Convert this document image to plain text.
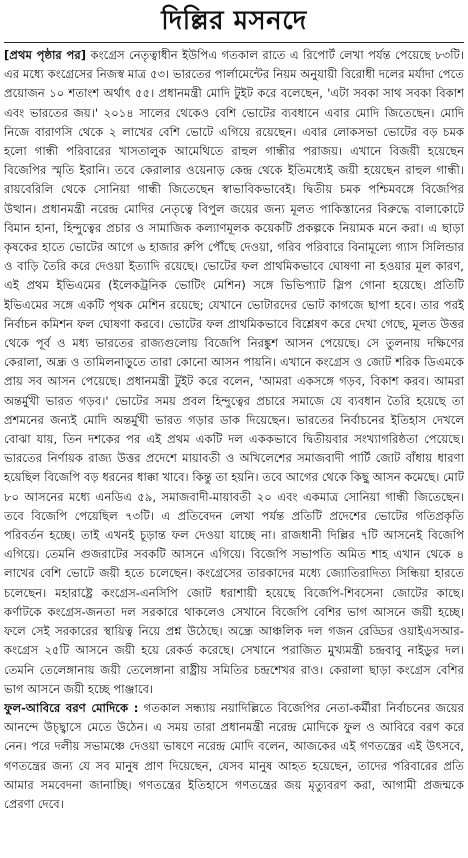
দিল্লির মসনদে

[প্রথম পৃষ্ঠার পর] কংগ্রেস নেতৃত্বাধীন ইউপিএ গতকাল রাতে এ রিপোর্ট লেখা পর্যন্ত পেয়েছে ৮৩টি। এর মধ্যে কংগ্রেসের নিজস্ব মাত্র ৫৩। ভারতের পার্লামেন্টের নিয়ম অনুযায়ী বিরোধী দলের মর্যাদা পেতে প্রয়োজন ১০ শতাংশ অর্থাৎ ৫৫। প্রধানমন্ত্রী মোদি টুইট করে বলেছেন, 'এটা সবকা সাথ সবকা বিকাশ এবং ভারতের জয়।' ২০১৪ সালের থেকেও বেশি ভোটের ব্যবধানে এবার মোদি জিতেছেন। মোদি নিজে বারাণসি থেকে ২ লাখের বেশি ভোটে এগিয়ে রয়েছেন। এবার লোকসভা ভোটের বড় চমক হলো গান্ধী পরিবারের খাসতালুক আমেথিতে রাহুল গান্ধীর পরাজয়। এখানে বিজয়ী হয়েছেন বিজেপির স্মৃতি ইরানি। তবে কেরালার ওয়েনাড় কেন্দ্র থেকে ইতিমধ্যেই জয়ী হয়েছেন রাহুল গান্ধী। রায়বেরিলি থেকে সোনিয়া গান্ধী জিতেছেন স্বাভাবিকভাবেই। দ্বিতীয় চমক পশ্চিমবঙ্গে বিজেপির উত্থান। প্রধানমন্ত্রী নরেন্দ্র মোদির নেতৃত্বে বিপুল জয়ের জন্য মূলত পাকিস্তানের বিরুদ্ধে বালাকোটে বিমান হানা, হিন্দুত্বের প্রচার ও সামাজিক কল্যাণমূলক কয়েকটি প্রকল্পকে নিয়ামক মনে করা। এ ছাড়া কৃষকের হাতে ভোটের আগে ৬ হাজার রুপি পৌঁছে দেওয়া, গরিব পরিবারে বিনামূল্যে গ্যাস সিলিন্ডার ও বাড়ি তৈরি করে দেওয়া ইত্যাদি রয়েছে। ভোটের ফল প্রাথমিকভাবে ঘোষণা না হওয়ার মূল কারণ, এই প্রথম ইভিএমের (ইলেকট্রনিক ভোটিং মেশিন) সঙ্গে ভিভিপ্যাট স্লিপ গোনা হয়েছে। প্রতিটি ইভিএমের সঙ্গে একটি পৃথক মেশিন রয়েছে; যেখানে ভোটারদের ভোট কাগজে ছাপা হবে। তার পরই নির্বাচন কমিশন ফল ঘোষণা করবে। ভোটের ফল প্রাথমিকভাবে বিশ্লেষণ করে দেখা গেছে, মূলত উত্তর থেকে পূর্ব ও মধ্য ভারতের রাজ্যগুলোয় বিজেপি নিরঙ্কুশ আসন পেয়েছে। সে তুলনায় দক্ষিণের কেরালা, অন্ধ্র ও তামিলনাড়ুতে তারা কোনো আসন পায়নি। এখানে কংগ্রেস ও জোট শরিক ডিএমকে প্রায় সব আসন পেয়েছে। প্রধানমন্ত্রী টুইট করে বলেন, 'আমরা একসঙ্গে গড়ব, বিকাশ করব। আমরা অন্তর্মুখী ভারত গড়ব।' ভোটের সময় প্রবল হিন্দুত্বের প্রচারে সমাজে যে ব্যবধান তৈরি হয়েছে তা প্রশমনের জন্যই মোদি অন্তর্মুখী ভারত গড়ার ডাক দিয়েছেন। ভারতের নির্বাচনের ইতিহাস দেখলে বোঝা যায়, তিন দশকের পর এই প্রথম একটি দল এককভাবে দ্বিতীয়বার সংখ্যাগরিষ্ঠতা পেয়েছে। ভারতের নির্ণায়ক রাজ্য উত্তর প্রদেশে মায়াবতী ও অখিলেশের সমাজবাদী পার্টি জোট বাঁধায় ধারণা হয়েছিল বিজেপি বড় ধরনের ধাক্কা খাবে। কিন্তু তা হয়নি। তবে আগের থেকে কিছু আসন কমেছে। মোট ৮০ আসনের মধ্যে এনডিএ ৫৯, সমাজবাদী-মায়াবতী ২০ এবং একমাত্র সোনিয়া গান্ধী জিতেছেন। তবে বিজেপি পেয়েছিল ৭৩টি। এ প্রতিবেদন লেখা পর্যন্ত প্রতিটি প্রদেশের ভোটের গতিপ্রকৃতি পরিবর্তন হচ্ছে। তাই এখনই চূড়ান্ত ফল দেওয়া যাচ্ছে না। রাজধানী দিল্লির ৭টি আসনেই বিজেপি এগিয়ে। তেমনি গুজরাটের সবকটি আসনে এগিয়ে। বিজেপি সভাপতি অমিত শাহ এখান থেকে ৪ লাখের বেশি ভোটে জয়ী হতে চলেছেন। কংগ্রেসের তারকাদের মধ্যে জ্যোতিরাদিত্য সিন্ধিয়া হারতে চলেছেন। মহারাষ্ট্রে কংগ্রেস-এনসিপি জোট ধরাশায়ী হয়েছে বিজেপি-শিবসেনা জোটের কাছে। কর্ণাটকে কংগ্রেস-জনতা দল সরকারে থাকলেও সেখানে বিজেপি বেশির ভাগ আসনে জয়ী হচ্ছে। ফলে সেই সরকারের স্থায়িত্ব নিয়ে প্রশ্ন উঠেছে। অন্ধ্রে আঞ্চলিক দল গজন রেড্ডির ওয়াইএসআর-কংগ্রেস ২৫টি আসনে জয়ী হয়ে রেকর্ড করেছে। সেখানে পরাজিত মুখ্যমন্ত্রী চন্দ্রবাবু নাইডুর দল। তেমনি তেলেঙ্গানায় জয়ী তেলেঙ্গানা রাষ্ট্রীয় সমিতির চন্দ্রশেখর রাও। কেরালা ছাড়া কংগ্রেস বেশির ভাগ আসনে জয়ী হচ্ছে পাঞ্জাবে।

ফুল-আবিরে বরণ মোদিকে : গতকাল সন্ধ্যায় নয়াদিল্লিতে বিজেপির নেতা-কর্মীরা নির্বাচনের জয়ের আনন্দে উচ্ছ্বাসে মেতে উঠেন। এ সময় তারা প্রধানমন্ত্রী নরেন্দ্র মোদিকে ফুল ও আবিরে বরণ করে নেন। পরে দলীয় সভামঞ্চে দেওয়া ভাষণে নরেন্দ্র মোদি বলেন, আজকের এই গণতন্ত্রের এই উৎসবে, গণতন্ত্রের জন্য যে সব মানুষ প্রাণ দিয়েছেন, যেসব মানুষ আহত হয়েছেন, তাদের পরিবারের প্রতি আমার সমবেদনা জানাচ্ছি। গণতন্ত্রের ইতিহাসে গণতন্ত্রের জয় মৃত্যুবরণ করা, আগামী প্রজন্মকে প্রেরণা দেবে।
